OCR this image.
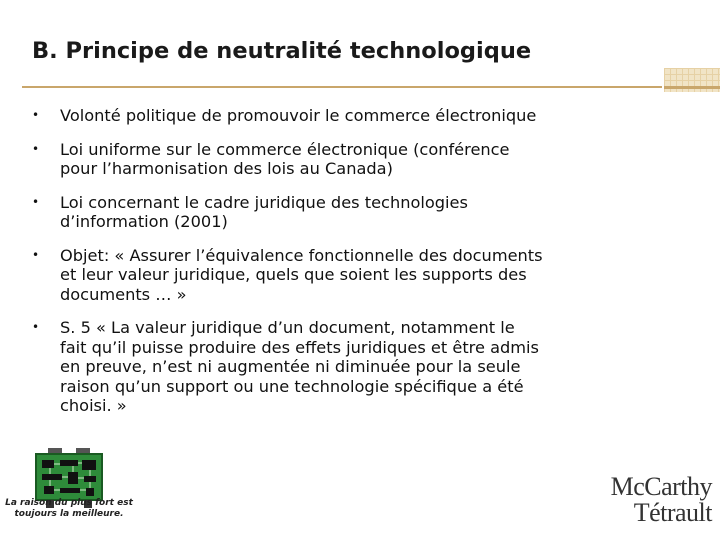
B. Principe de neutralité technologique
•	Volonté politique de promouvoir le commerce électronique
•	Loi uniforme sur le commerce électronique (conférence
pour l’harmonisation des lois au Canada)
•	Loi concernant le cadre juridique des technologies
d’information (2001)
•	Objet: « Assurer l’équivalence fonctionnelle des documents
et leur valeur juridique, quels que soient les supports des
documents … »
•	S. 5 « La valeur juridique d’un document, notamment le
fait qu’il puisse produire des effets juridiques et être admis
en preuve, n’est ni augmentée ni diminuée pour la seule
raison qu’un support ou une technologie spécifique a été
choisi. »
La raison du plus fort est
toujours la meilleure.
McCarthy
Tétrault
